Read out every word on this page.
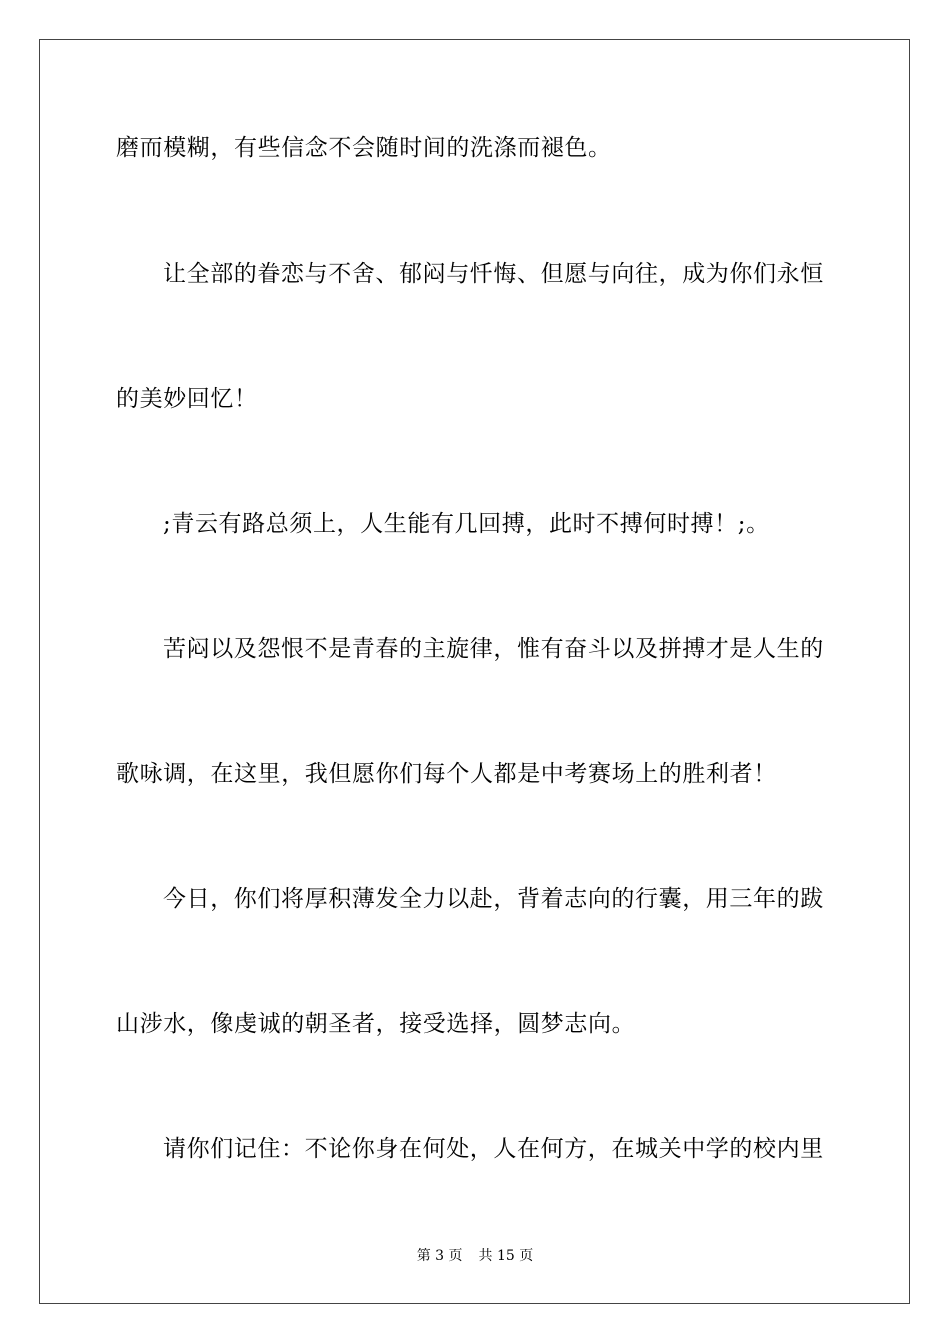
磨而模糊，有些信念不会随时间的洗涤而褪色。
让全部的眷恋与不舍、郁闷与忏悔、但愿与向往，成为你们永恒
的美妙回忆！
;青云有路总须上，人生能有几回搏，此时不搏何时搏！;。
苦闷以及怨恨不是青春的主旋律，惟有奋斗以及拼搏才是人生的
歌咏调，在这里，我但愿你们每个人都是中考赛场上的胜利者！
今日，你们将厚积薄发全力以赴，背着志向的行囊，用三年的跋
山涉水，像虔诚的朝圣者，接受选择，圆梦志向。
请你们记住：不论你身在何处，人在何方，在城关中学的校内里
第 3 页 共 15 页
